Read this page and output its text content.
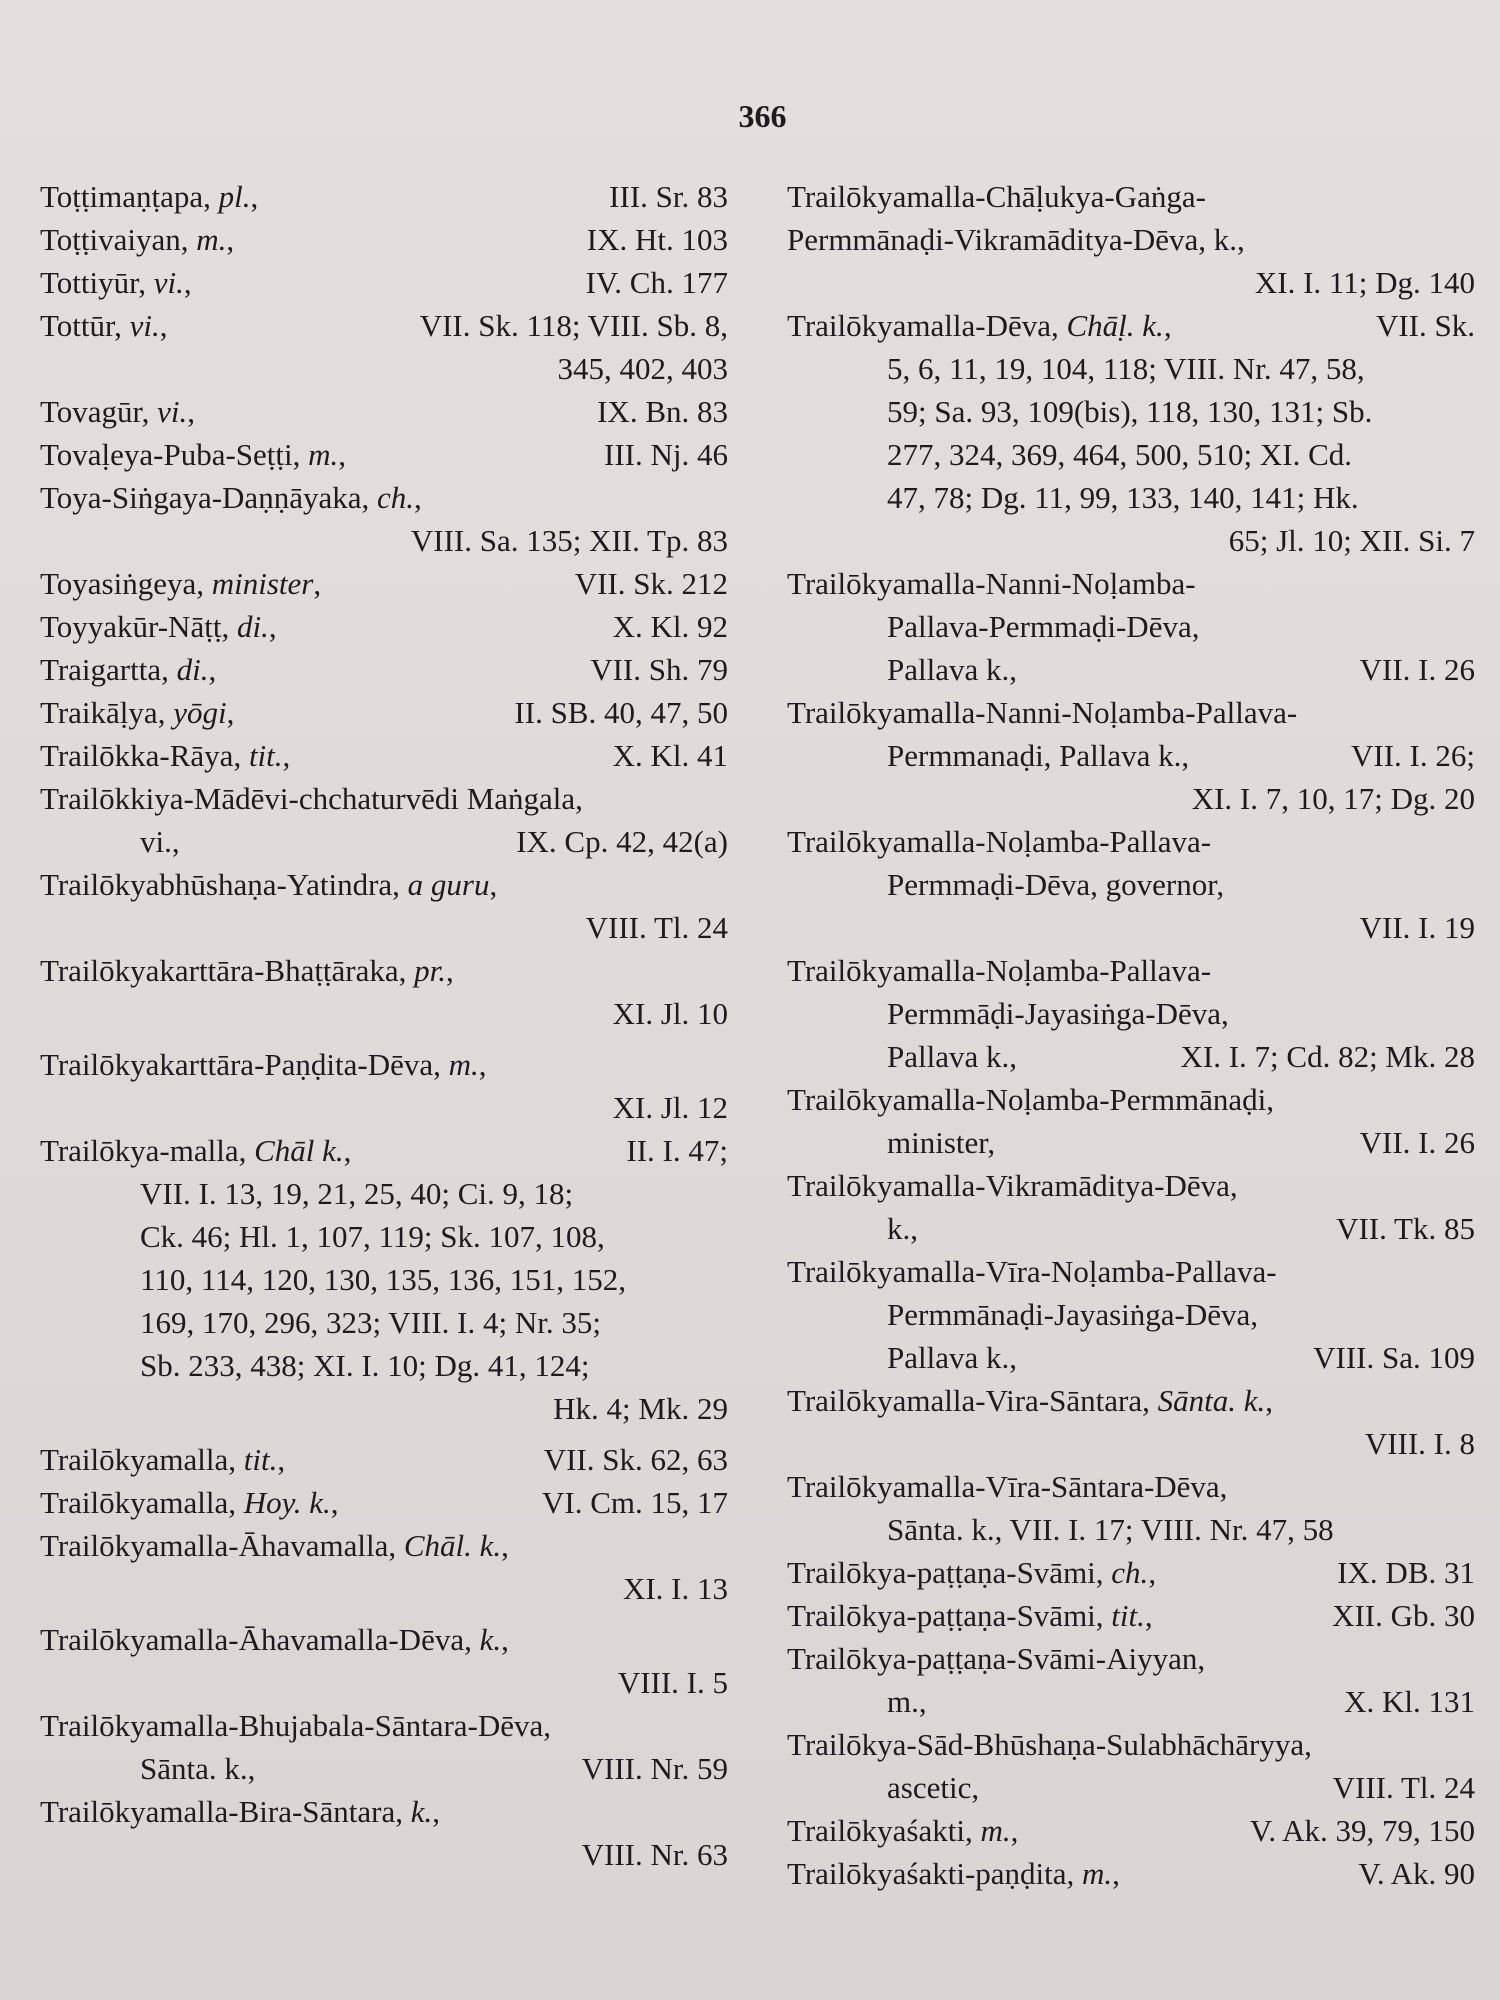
366
Toṭṭimaṇṭapa, pl.,	III. Sr. 83
Toṭṭivaiyan, m.,	IX. Ht. 103
Tottiyūr, vi.,	IV. Ch. 177
Tottūr, vi.,	VII. Sk. 118; VIII. Sb. 8,
345, 402, 403
Tovagūr, vi.,	IX. Bn. 83
Tovaḷeya-Puba-Seṭṭi, m.,	III. Nj. 46
Toya-Siṅgaya-Daṇṇāyaka, ch.,
VIII. Sa. 135; XII. Tp. 83
Toyasiṅgeya, minister,	VII. Sk. 212
Toyyakūr-Nāṭṭ, di.,	X. Kl. 92
Traigartta, di.,	VII. Sh. 79
Traikāḷya, yōgi,	II. SB. 40, 47, 50
Trailōkka-Rāya, tit.,	X. Kl. 41
Trailōkkiya-Mādēvi-chchaturvēdi Maṅgala,
vi.,	IX. Cp. 42, 42(a)
Trailōkyabhūshaṇa-Yatindra, a guru,
VIII. Tl. 24
Trailōkyakarttāra-Bhaṭṭāraka, pr.,
XI. Jl. 10
Trailōkyakarttāra-Paṇḍita-Dēva, m.,
XI. Jl. 12
Trailōkya-malla, Chāl k.,	II. I. 47;
VII. I. 13, 19, 21, 25, 40; Ci. 9, 18;
Ck. 46; Hl. 1, 107, 119; Sk. 107, 108,
110, 114, 120, 130, 135, 136, 151, 152,
169, 170, 296, 323; VIII. I. 4; Nr. 35;
Sb. 233, 438; XI. I. 10; Dg. 41, 124;
Hk. 4; Mk. 29
Trailōkyamalla, tit.,	VII. Sk. 62, 63
Trailōkyamalla, Hoy. k.,	VI. Cm. 15, 17
Trailōkyamalla-Āhavamalla, Chāl. k.,
XI. I. 13
Trailōkyamalla-Āhavamalla-Dēva, k.,
VIII. I. 5
Trailōkyamalla-Bhujabala-Sāntara-Dēva,
Sānta. k.,	VIII. Nr. 59
Trailōkyamalla-Bira-Sāntara, k.,
VIII. Nr. 63
Trailōkyamalla-Chāḷukya-Gaṅga-
Permmānaḍi-Vikramāditya-Dēva, k.,
XI. I. 11; Dg. 140
Trailōkyamalla-Dēva, Chāḷ. k.,	VII. Sk.
5, 6, 11, 19, 104, 118; VIII. Nr. 47, 58,
59; Sa. 93, 109(bis), 118, 130, 131; Sb.
277, 324, 369, 464, 500, 510; XI. Cd.
47, 78; Dg. 11, 99, 133, 140, 141; Hk.
65; Jl. 10; XII. Si. 7
Trailōkyamalla-Nanni-Noḷamba-
Pallava-Permmaḍi-Dēva,
Pallava k.,	VII. I. 26
Trailōkyamalla-Nanni-Noḷamba-Pallava-
Permmanaḍi, Pallava k.,	VII. I. 26;
XI. I. 7, 10, 17; Dg. 20
Trailōkyamalla-Noḷamba-Pallava-
Permmaḍi-Dēva, governor,
VII. I. 19
Trailōkyamalla-Noḷamba-Pallava-
Permmāḍi-Jayasiṅga-Dēva,
Pallava k.,	XI. I. 7; Cd. 82; Mk. 28
Trailōkyamalla-Noḷamba-Permmānaḍi,
minister,	VII. I. 26
Trailōkyamalla-Vikramāditya-Dēva,
k.,	VII. Tk. 85
Trailōkyamalla-Vīra-Noḷamba-Pallava-
Permmānaḍi-Jayasiṅga-Dēva,
Pallava k.,	VIII. Sa. 109
Trailōkyamalla-Vira-Sāntara, Sānta. k.,
VIII. I. 8
Trailōkyamalla-Vīra-Sāntara-Dēva,
Sānta. k., VII. I. 17; VIII. Nr. 47, 58
Trailōkya-paṭṭaṇa-Svāmi, ch.,	IX. DB. 31
Trailōkya-paṭṭaṇa-Svāmi, tit.,	XII. Gb. 30
Trailōkya-paṭṭaṇa-Svāmi-Aiyyan,
m.,	X. Kl. 131
Trailōkya-Sād-Bhūshaṇa-Sulabhāchāryya,
ascetic,	VIII. Tl. 24
Trailōkyaśakti, m.,	V. Ak. 39, 79, 150
Trailōkyaśakti-paṇḍita, m.,	V. Ak. 90
